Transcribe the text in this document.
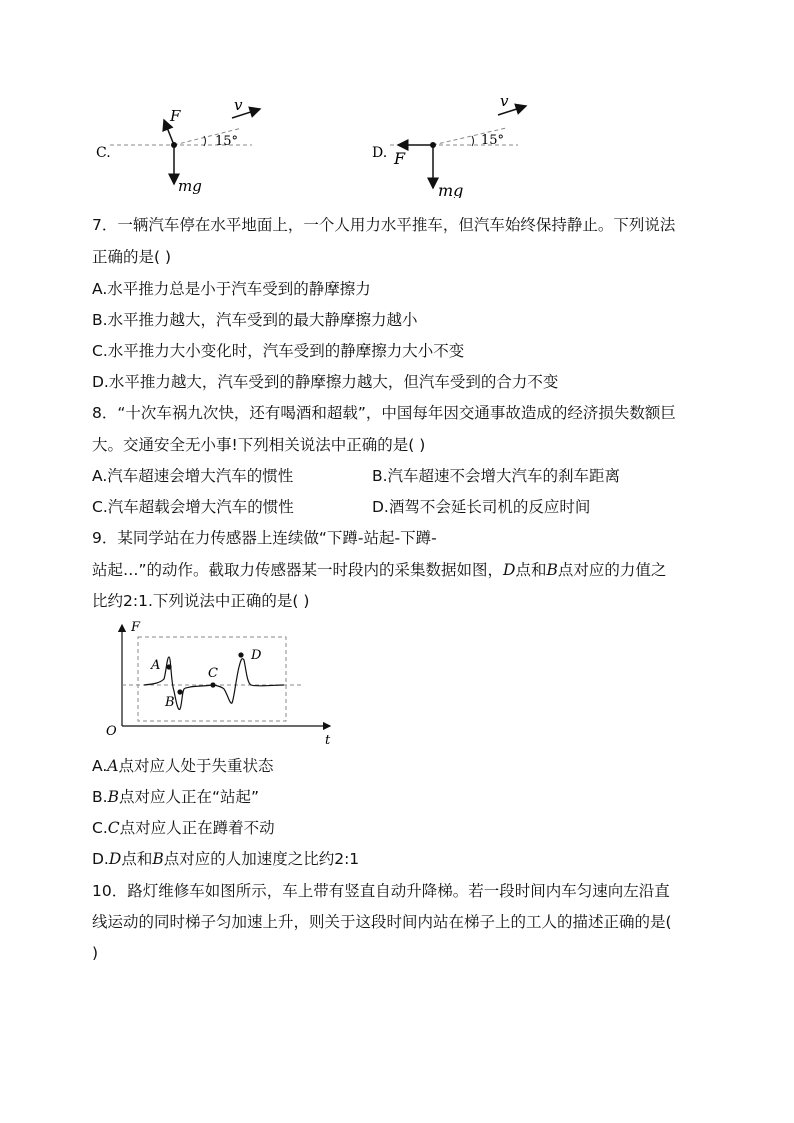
C.
F
v
15°
mg
D. F
v
15°
mg
7．一辆汽车停在水平地面上，一个人用力水平推车，但汽车始终保持静止。下列说法
正确的是( )
A.水平推力总是小于汽车受到的静摩擦力
B.水平推力越大，汽车受到的最大静摩擦力越小
C.水平推力大小变化时，汽车受到的静摩擦力大小不变
D.水平推力越大，汽车受到的静摩擦力越大，但汽车受到的合力不变
8．“十次车祸九次快，还有喝酒和超载”，中国每年因交通事故造成的经济损失数额巨
大。交通安全无小事!下列相关说法中正确的是( )
A.汽车超速会增大汽车的惯性	B.汽车超速不会增大汽车的刹车距离
C.汽车超载会增大汽车的惯性	D.酒驾不会延长司机的反应时间
9．某同学站在力传感器上连续做“下蹲-站起-下蹲-
站起…”的动作。截取力传感器某一时段内的采集数据如图，D点和B点对应的力值之
比约2:1.下列说法中正确的是( )
F
O
t
A
B
C
D
A.A点对应人处于失重状态
B.B点对应人正在“站起”
C.C点对应人正在蹲着不动
D.D点和B点对应的人加速度之比约2:1
10．路灯维修车如图所示，车上带有竖直自动升降梯。若一段时间内车匀速向左沿直
线运动的同时梯子匀加速上升，则关于这段时间内站在梯子上的工人的描述正确的是(
)
